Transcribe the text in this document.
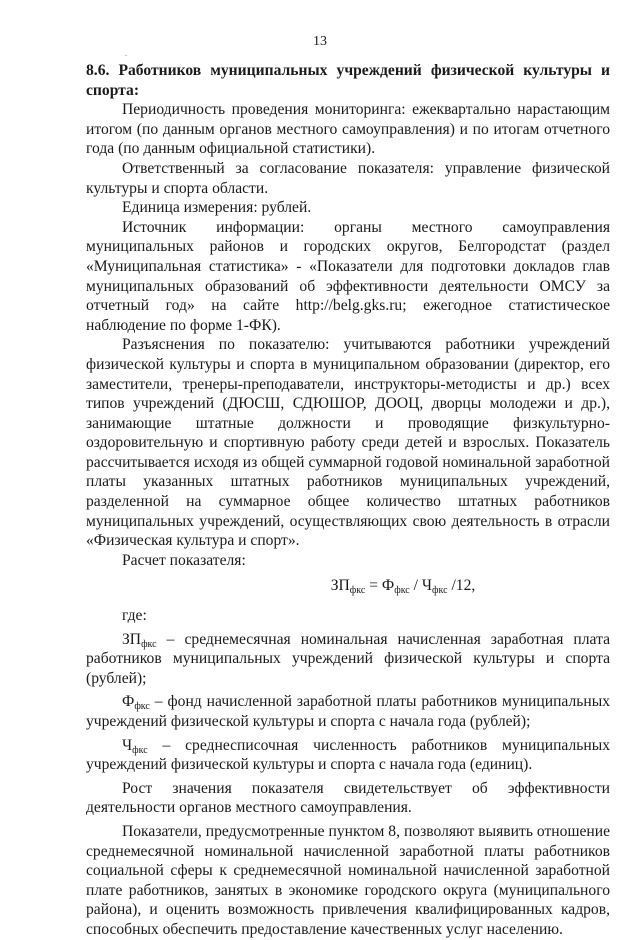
13
.

8.6. Работников муниципальных учреждений физической культуры и спорта:

Периодичность проведения мониторинга: ежеквартально нарастающим итогом (по данным органов местного самоуправления) и по итогам отчетного года (по данным официальной статистики).

Ответственный за согласование показателя: управление физической культуры и спорта области.

Единица измерения: рублей.

Источник информации: органы местного самоуправления муниципальных районов и городских округов, Белгородстат (раздел «Муниципальная статистика» - «Показатели для подготовки докладов глав муниципальных образований об эффективности деятельности ОМСУ за отчетный год» на сайте http://belg.gks.ru; ежегодное статистическое наблюдение по форме 1-ФК).

Разъяснения по показателю: учитываются работники учреждений физической культуры и спорта в муниципальном образовании (директор, его заместители, тренеры-преподаватели, инструкторы-методисты и др.) всех типов учреждений (ДЮСШ, СДЮШОР, ДООЦ, дворцы молодежи и др.), занимающие штатные должности и проводящие физкультурно-оздоровительную и спортивную работу среди детей и взрослых. Показатель рассчитывается исходя из общей суммарной годовой номинальной заработной платы указанных штатных работников муниципальных учреждений, разделенной на суммарное общее количество штатных работников муниципальных учреждений, осуществляющих свою деятельность в отрасли «Физическая культура и спорт».

Расчет показателя:

$ЗП_{фкс} = Ф_{фкс} / Ч_{фкс}$ /12,

где:

$ЗП_{фкс}$ – среднемесячная номинальная начисленная заработная плата работников муниципальных учреждений физической культуры и спорта (рублей);

$Ф_{фкс}$ – фонд начисленной заработной платы работников муниципальных учреждений физической культуры и спорта с начала года (рублей);

$Ч_{фкс}$ – среднесписочная численность работников муниципальных учреждений физической культуры и спорта с начала года (единиц).

Рост значения показателя свидетельствует об эффективности деятельности органов местного самоуправления.

Показатели, предусмотренные пунктом 8, позволяют выявить отношение среднемесячной номинальной начисленной заработной платы работников социальной сферы к среднемесячной номинальной начисленной заработной плате работников, занятых в экономике городского округа (муниципального района), и оценить возможность привлечения квалифицированных кадров, способных обеспечить предоставление качественных услуг населению.
